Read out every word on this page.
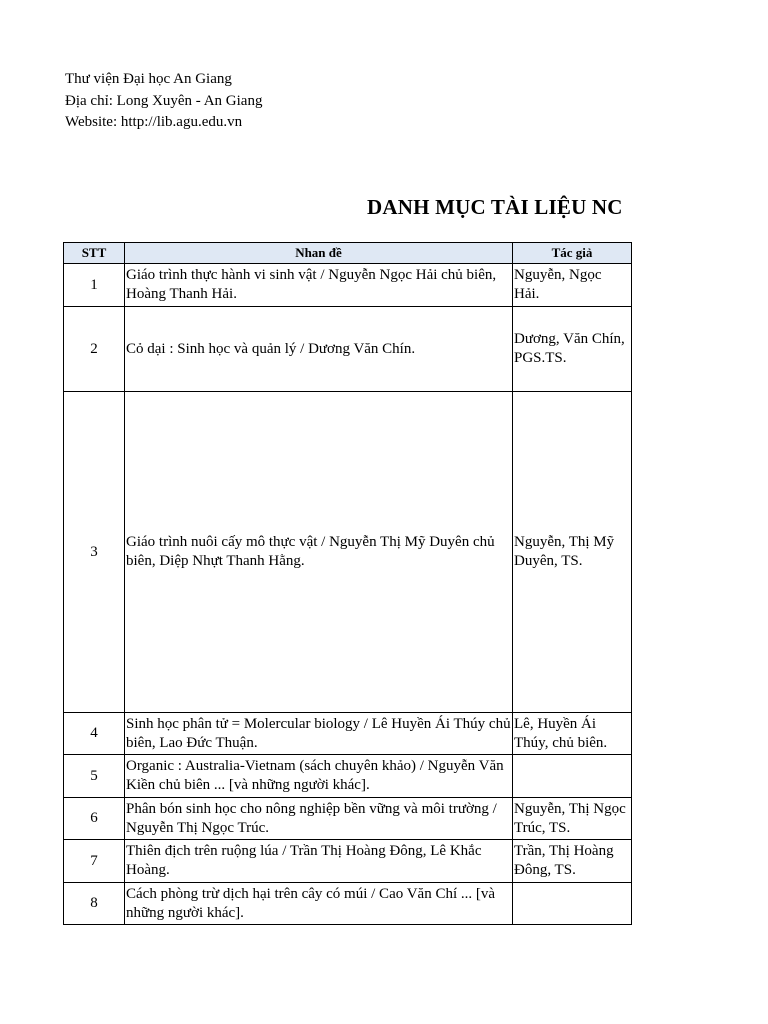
Thư viện Đại học An Giang
Địa chỉ: Long Xuyên - An Giang
Website: http://lib.agu.edu.vn
DANH MỤC TÀI LIỆU NC
STT	Nhan đề	Tác giả
1	Giáo trình thực hành vi sinh vật / Nguyễn Ngọc Hải chủ biên, Hoàng Thanh Hải.	Nguyễn, Ngọc Hải.
2	Cỏ dại : Sinh học và quản lý / Dương Văn Chín.	Dương, Văn Chín, PGS.TS.
3	Giáo trình nuôi cấy mô thực vật / Nguyễn Thị Mỹ Duyên chủ biên, Diệp Nhựt Thanh Hằng.	Nguyễn, Thị Mỹ Duyên, TS.
4	Sinh học phân tử = Molercular biology / Lê Huyền Ái Thúy chủ biên, Lao Đức Thuận.	Lê, Huyền Ái Thúy, chủ biên.
5	Organic : Australia-Vietnam (sách chuyên khảo) / Nguyễn Văn Kiền chủ biên ... [và những người khác].	
6	Phân bón sinh học cho nông nghiệp bền vững và môi trường / Nguyễn Thị Ngọc Trúc.	Nguyễn, Thị Ngọc Trúc, TS.
7	Thiên địch trên ruộng lúa / Trần Thị Hoàng Đông, Lê Khắc Hoàng.	Trần, Thị Hoàng Đông, TS.
8	Cách phòng trừ dịch hại trên cây có múi / Cao Văn Chí ... [và những người khác].	
